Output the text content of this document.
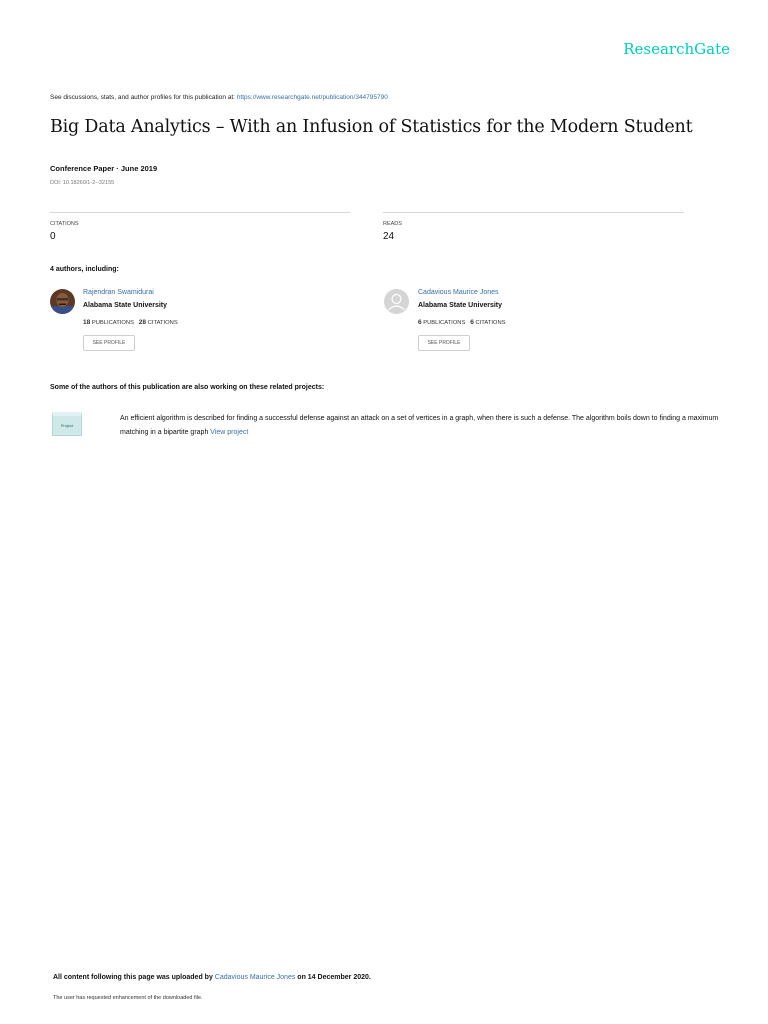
ResearchGate
See discussions, stats, and author profiles for this publication at: https://www.researchgate.net/publication/344795790
Big Data Analytics – With an Infusion of Statistics for the Modern Student
Conference Paper · June 2019
DOI: 10.18260/1-2--32155
CITATIONS
0
READS
24
4 authors, including:
Rajendran Swamidurai
Alabama State University
18 PUBLICATIONS 28 CITATIONS
SEE PROFILE
Cadavious Maurice Jones
Alabama State University
6 PUBLICATIONS 6 CITATIONS
SEE PROFILE
Some of the authors of this publication are also working on these related projects:
Project
An efficient algorithm is described for finding a successful defense against an attack on a set of vertices in a graph, when there is such a defense. The algorithm boils down to finding a maximum matching in a bipartite graph View project
All content following this page was uploaded by Cadavious Maurice Jones on 14 December 2020.
The user has requested enhancement of the downloaded file.
